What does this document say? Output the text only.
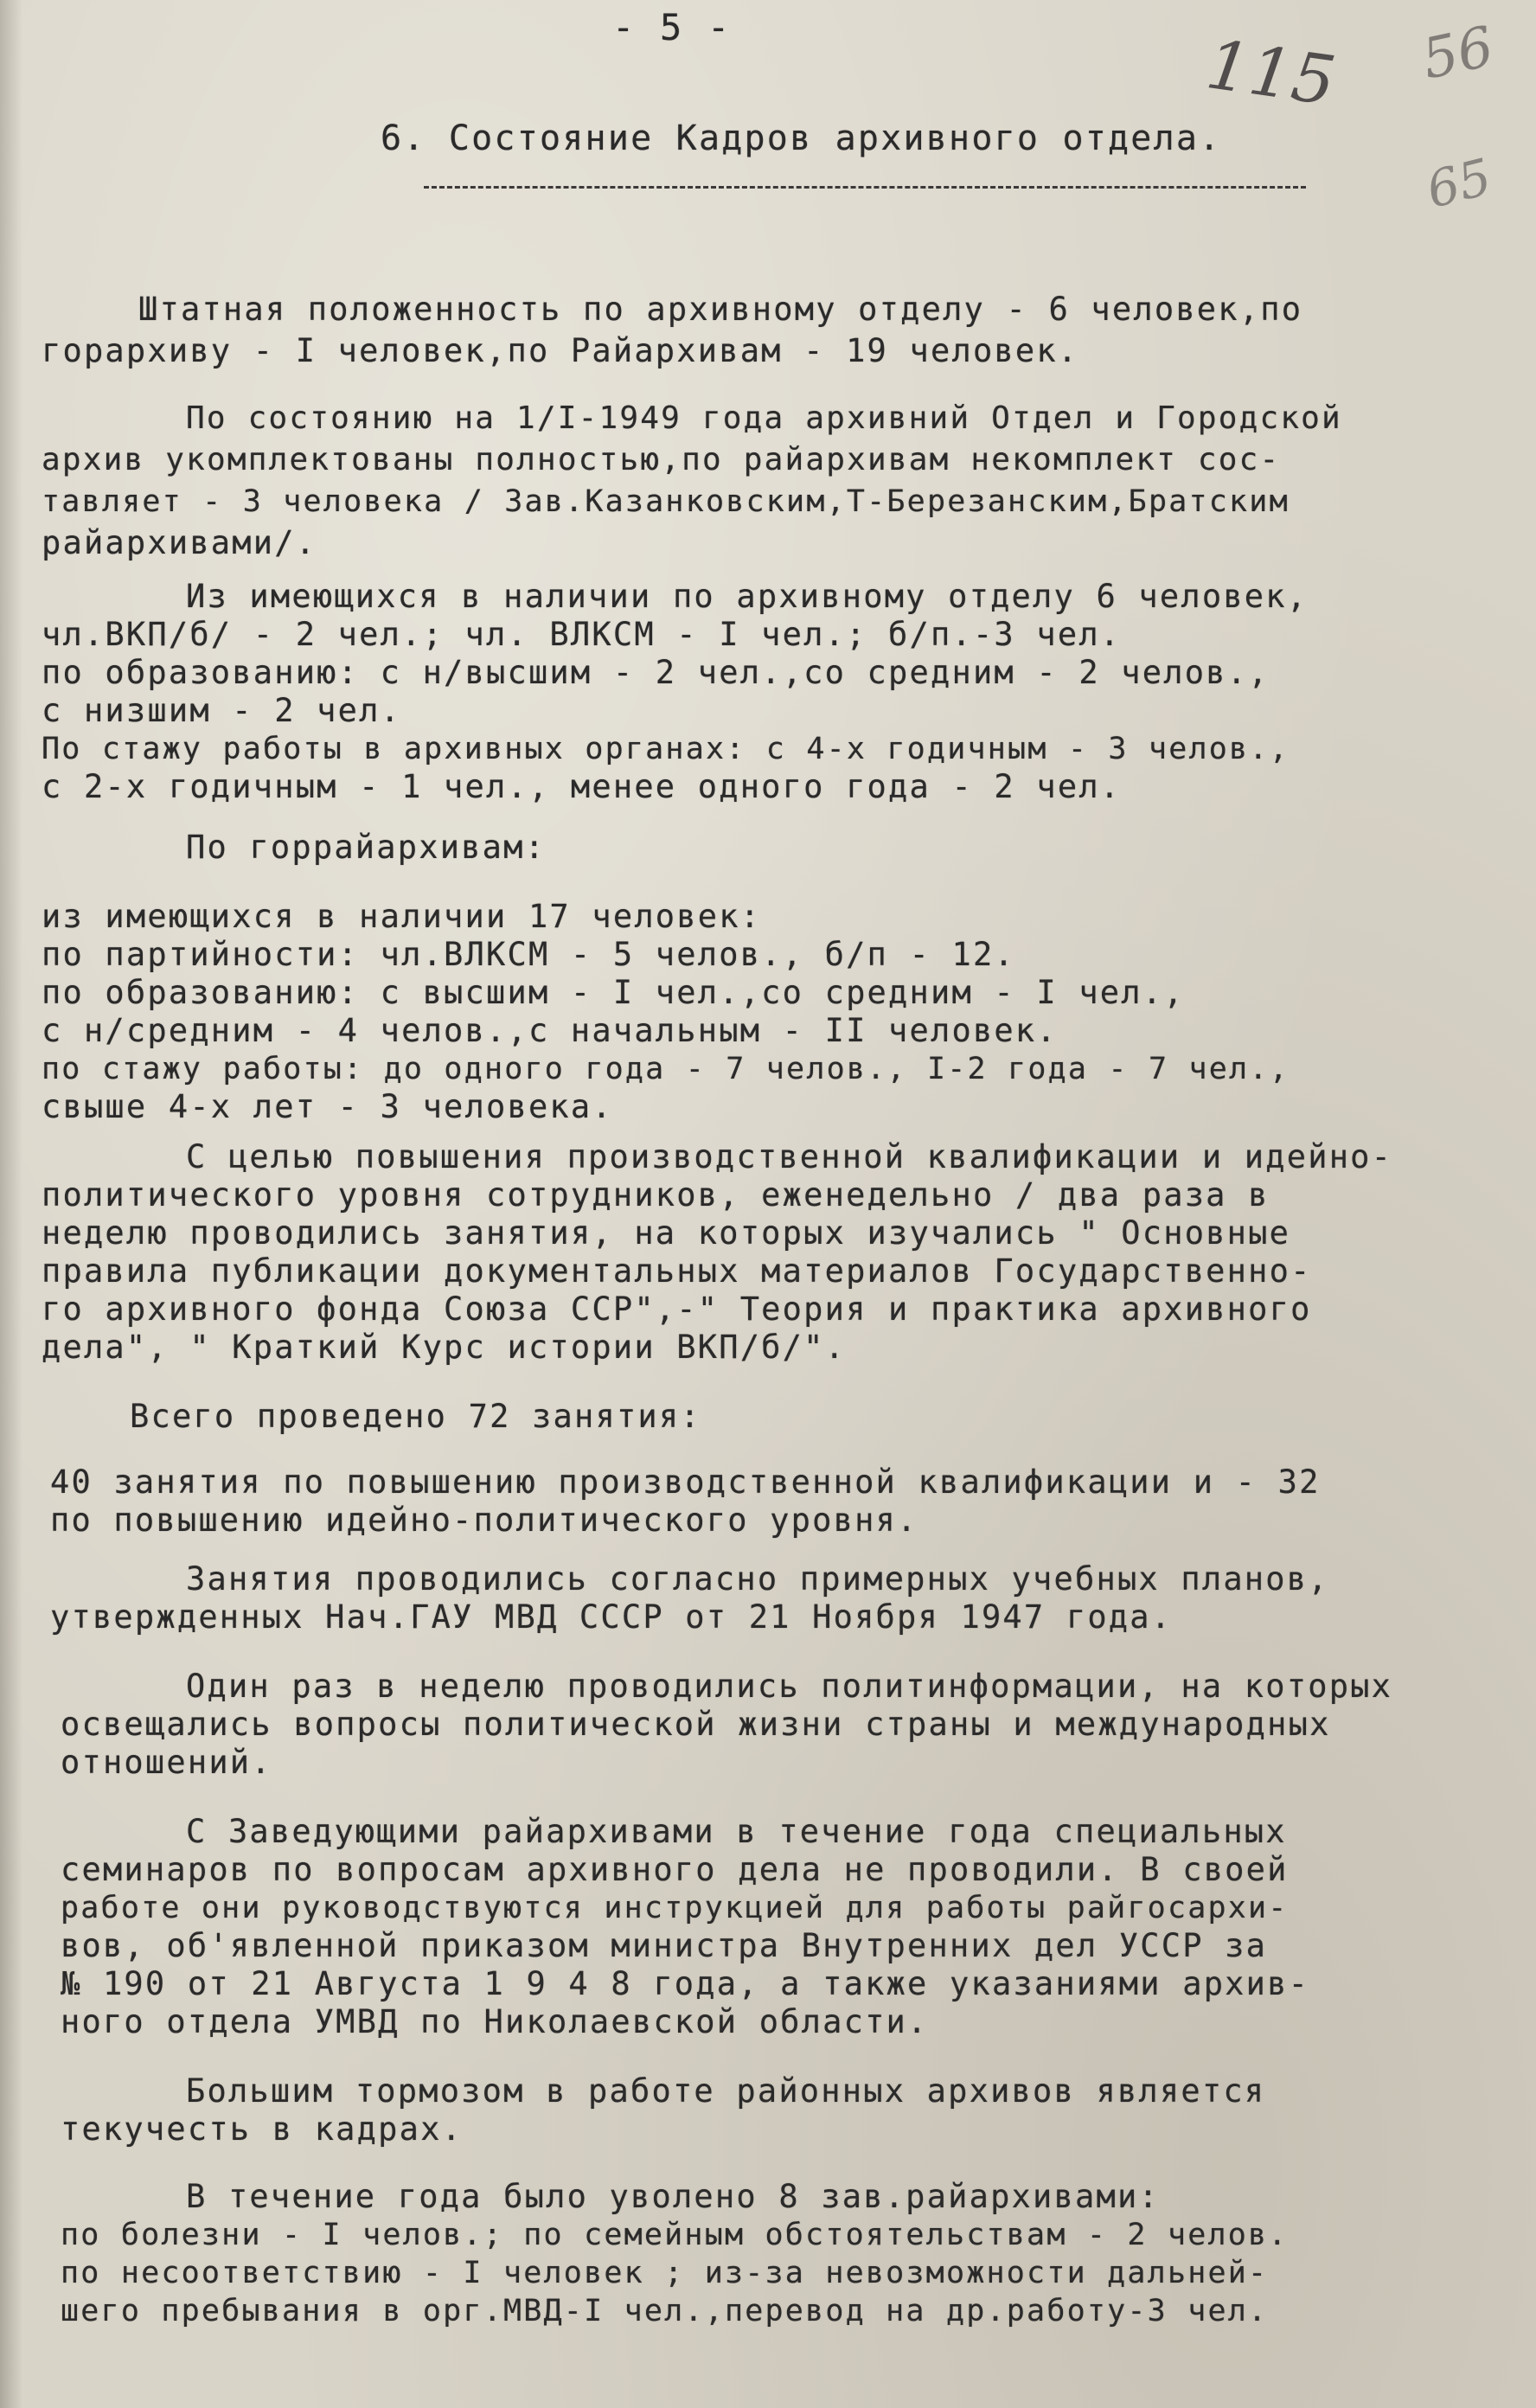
- 5 -	115 56
65
6. Состояние Кадров архивного отдела.
Штатная положенность по архивному отделу - 6 человек,по
горархиву - I человек,по Райархивам - 19 человек.
По состоянию на 1/I-1949 года архивний Отдел и Городской
архив укомплектованы полностью,по райархивам некомплект сос-
тавляет - 3 человека / Зав.Казанковским,Т-Березанским,Братским
райархивами/.
Из имеющихся в наличии по архивному отделу 6 человек,
чл.ВКП/б/ - 2 чел.; чл. ВЛКСМ - I чел.; б/п.-3 чел.
по образованию: с н/высшим - 2 чел.,со средним - 2 челов.,
с низшим - 2 чел.
По стажу работы в архивных органах: с 4-х годичным - 3 челов.,
с 2-х годичным - 1 чел., менее одного года - 2 чел.
По горрайархивам:
из имеющихся в наличии 17 человек:
по партийности: чл.ВЛКСМ - 5 челов., б/п - 12.
по образованию: с высшим - I чел.,со средним - I чел.,
с н/средним - 4 челов.,с начальным - II человек.
по стажу работы: до одного года - 7 челов., I-2 года - 7 чел.,
свыше 4-х лет - 3 человека.
С целью повышения производственной квалификации и идейно-
политического уровня сотрудников, еженедельно / два раза в
неделю проводились занятия, на которых изучались " Основные
правила публикации документальных материалов Государственно-
го архивного фонда Союза ССР",-" Теория и практика архивного
дела", " Краткий Курс истории ВКП/б/".
Всего проведено 72 занятия:
40 занятия по повышению производственной квалификации и - 32
по повышению идейно-политического уровня.
Занятия проводились согласно примерных учебных планов,
утвержденных Нач.ГАУ МВД СССР от 21 Ноября 1947 года.
Один раз в неделю проводились политинформации, на которых
освещались вопросы политической жизни страны и международных
отношений.
С Заведующими райархивами в течение года специальных
семинаров по вопросам архивного дела не проводили. В своей
работе они руководствуются инструкцией для работы райгосархи-
вов, об'явленной приказом министра Внутренних дел УССР за
№ 190 от 21 Августа 1 9 4 8 года, а также указаниями архив-
ного отдела УМВД по Николаевской области.
Большим тормозом в работе районных архивов является
текучесть в кадрах.
В течение года было уволено 8 зав.райархивами:
по болезни - I челов.; по семейным обстоятельствам - 2 челов.
по несоответствию - I человек ; из-за невозможности дальней-
шего пребывания в орг.МВД-I чел.,перевод на др.работу-3 чел.
